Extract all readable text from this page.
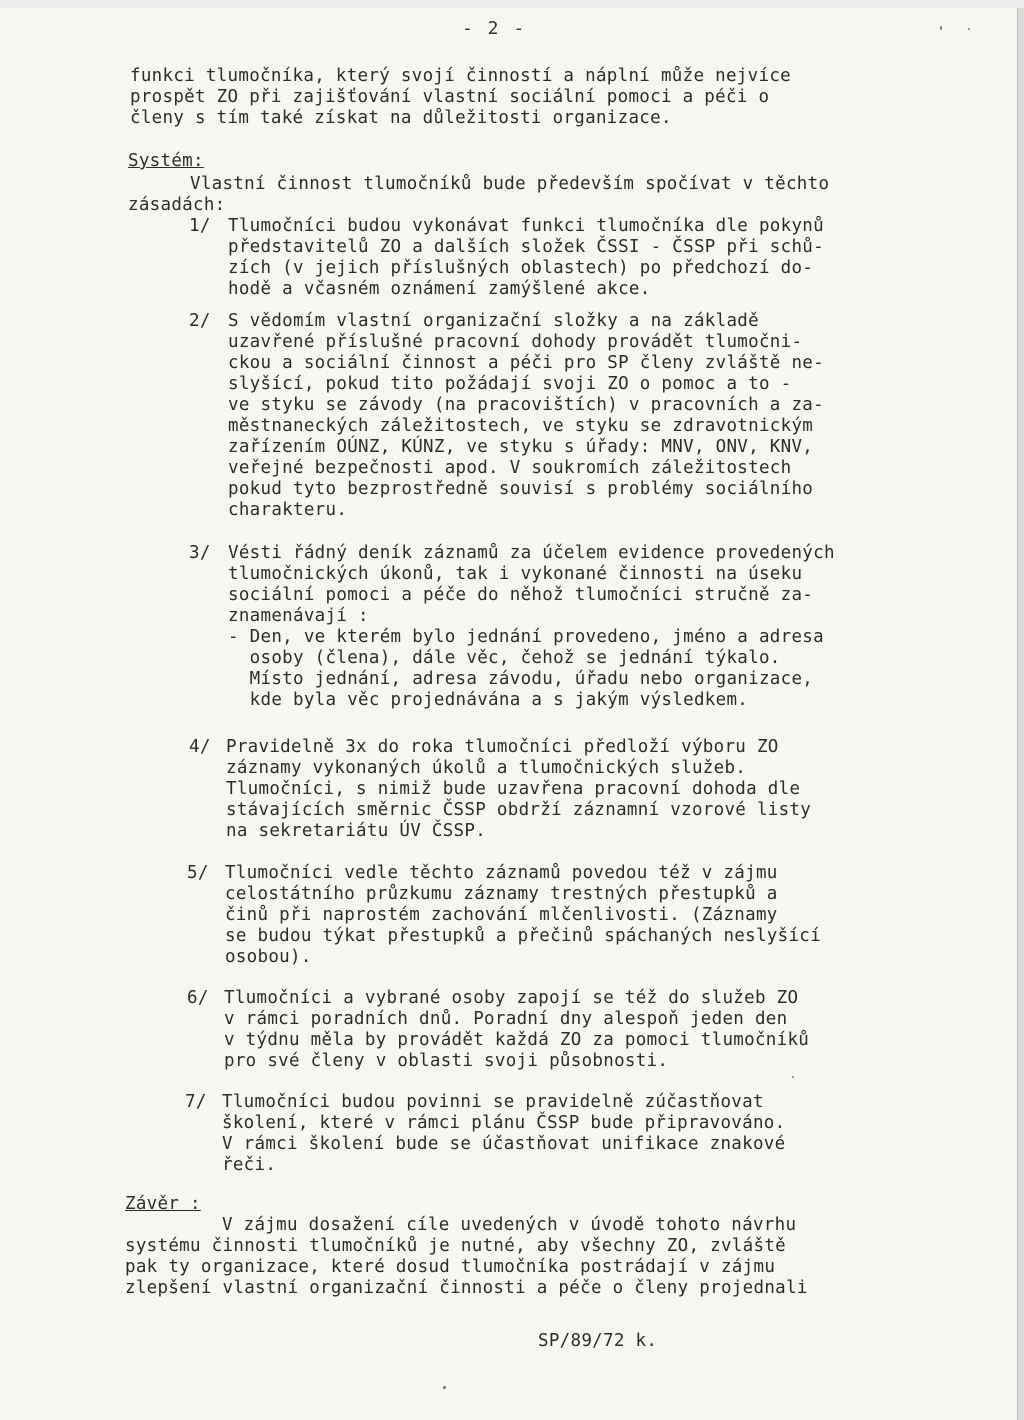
- 2 -

funkci tlumočníka, který svojí činností a náplní může nejvíce
prospět ZO při zajišťování vlastní sociální pomoci a péči o
členy s tím také získat na důležitosti organizace.

Systém:

Vlastní činnost tlumočníků bude především spočívat v těchto
zásadách:

1/ Tlumočníci budou vykonávat funkci tlumočníka dle pokynů
představitelů ZO a dalších složek ČSSI - ČSSP při schů-
zích (v jejich příslušných oblastech) po předchozí do-
hodě a včasném oznámení zamýšlené akce.

2/ S vědomím vlastní organizační složky a na základě
uzavřené příslušné pracovní dohody provádět tlumočni-
ckou a sociální činnost a péči pro SP členy zvláště ne-
slyšící, pokud tito požádají svoji ZO o pomoc a to -
ve styku se závody (na pracovištích) v pracovních a za-
městnaneckých záležitostech, ve styku se zdravotnickým
zařízením OÚNZ, KÚNZ, ve styku s úřady: MNV, ONV, KNV,
veřejné bezpečnosti apod. V soukromích záležitostech
pokud tyto bezprostředně souvisí s problémy sociálního
charakteru.

3/ Vésti řádný deník záznamů za účelem evidence provedených
tlumočnických úkonů, tak i vykonané činnosti na úseku
sociální pomoci a péče do něhož tlumočníci stručně za-
znamenávají :
- Den, ve kterém bylo jednání provedeno, jméno a adresa
osoby (člena), dále věc, čehož se jednání týkalo.
Místo jednání, adresa závodu, úřadu nebo organizace,
kde byla věc projednávána a s jakým výsledkem.

4/ Pravidelně 3x do roka tlumočníci předloží výboru ZO
záznamy vykonaných úkolů a tlumočnických služeb.
Tlumočníci, s nimiž bude uzavřena pracovní dohoda dle
stávajících směrnic ČSSP obdrží záznamní vzorové listy
na sekretariátu ÚV ČSSP.

5/ Tlumočníci vedle těchto záznamů povedou též v zájmu
celostátního průzkumu záznamy trestných přestupků a
činů při naprostém zachování mlčenlivosti. (Záznamy
se budou týkat přestupků a přečinů spáchaných neslyšící
osobou).

6/ Tlumočníci a vybrané osoby zapojí se též do služeb ZO
v rámci poradních dnů. Poradní dny alespoň jeden den
v týdnu měla by provádět každá ZO za pomoci tlumočníků
pro své členy v oblasti svoji působnosti.

7/ Tlumočníci budou povinni se pravidelně zúčastňovat
školení, které v rámci plánu ČSSP bude připravováno.
V rámci školení bude se účastňovat unifikace znakové
řeči.

Závěr :

V zájmu dosažení cíle uvedených v úvodě tohoto návrhu
systému činnosti tlumočníků je nutné, aby všechny ZO, zvláště
pak ty organizace, které dosud tlumočníka postrádají v zájmu
zlepšení vlastní organizační činnosti a péče o členy projednali

SP/89/72 k.
